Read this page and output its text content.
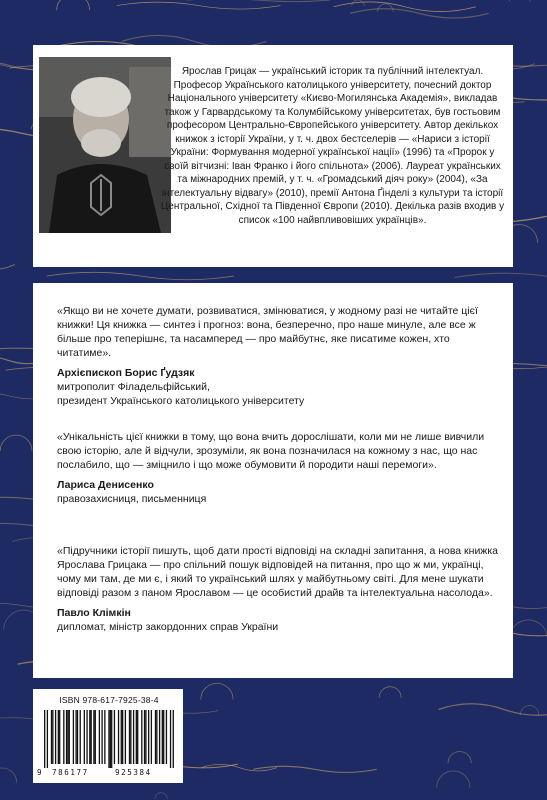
Ярослав Грицак — український історик та публічний інтелектуал. Професор Українського католицького університету, почесний доктор Національного університету «Києво-Могилянська Академія», викладав також у Гарвардському та Колумбійському університетах, був гостьовим професором Центрально-Європейського університету. Автор декількох книжок з історії України, у т. ч. двох бестселерів — «Нариси з історії України: Формування модерної української нації» (1996) та «Пророк у своїй вітчизні: Іван Франко і його спільнота» (2006). Лауреат українських та міжнародних премій, у т. ч. «Громадський діяч року» (2004), «За інтелектуальну відвагу» (2010), премії Антона Ґінделі з культури та історії Центральної, Східної та Південної Європи (2010). Декілька разів входив у список «100 найвпливовіших українців».

«Якщо ви не хочете думати, розвиватися, змінюватися, у жодному разі не читайте цієї книжки! Ця книжка — синтез і прогноз: вона, безперечно, про наше минуле, але все ж більше про теперішнє, та насамперед — про майбутнє, яке писатиме кожен, хто читатиме».

Архієпископ Борис Ґудзяк

митрополит Філадельфійський,

президент Українського католицького університету

«Унікальність цієї книжки в тому, що вона вчить дорослішати, коли ми не лише вивчили свою історію, але й відчули, зрозуміли, як вона позначилася на кожному з нас, що нас послабило, що — зміцнило і що може обумовити й породити наші перемоги».

Лариса Денисенко

правозахисниця, письменниця

«Підручники історії пишуть, щоб дати прості відповіді на складні запитання, а нова книжка Ярослава Грицака — про спільний пошук відповідей на питання, про що ж ми, українці, чому ми там, де ми є, і який то український шлях у майбутньому світі. Для мене шукати відповіді разом з паном Ярославом — це особистий драйв та інтелектуальна насолода».

Павло Клімкін

дипломат, міністр закордонних справ України

ISBN 978-617-7925-38-4
9 786177	925384
